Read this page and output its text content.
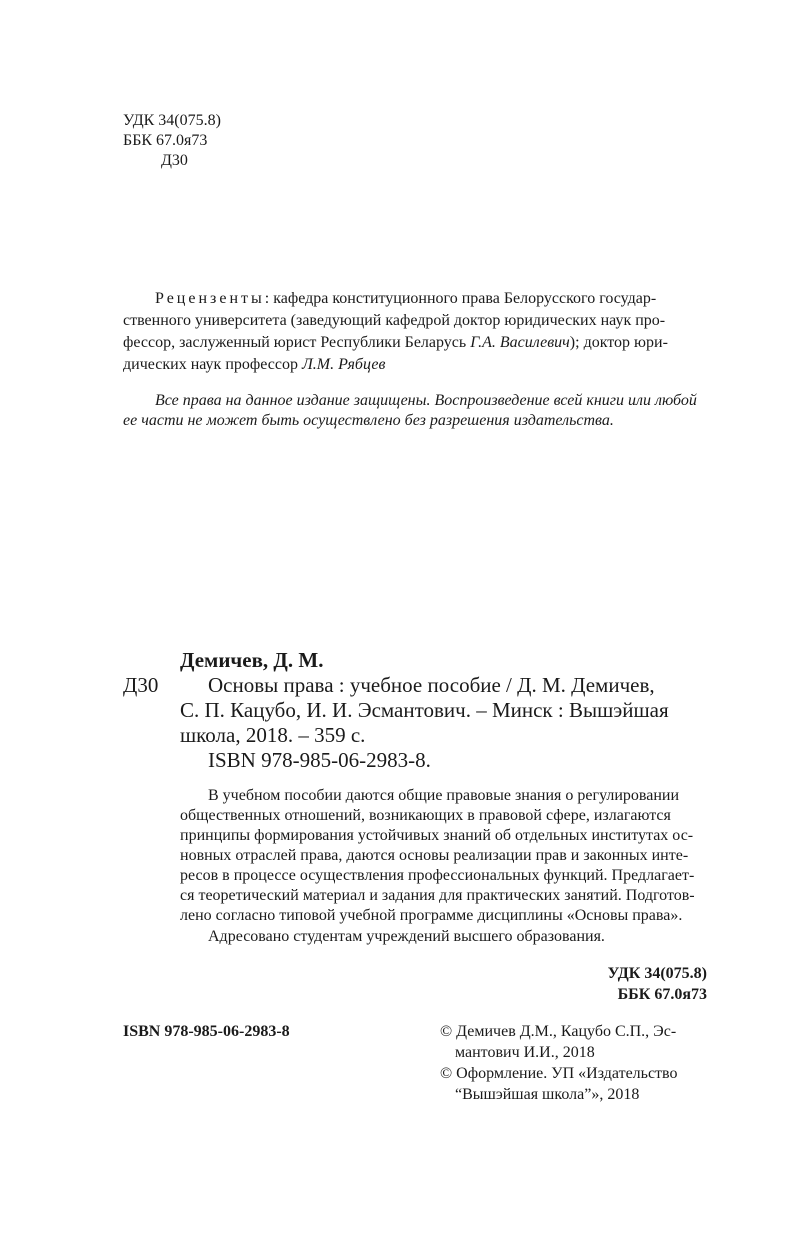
УДК 34(075.8)
ББК 67.0я73
Д30
Рецензенты: кафедра конституционного права Белорусского государ-
ственного университета (заведующий кафедрой доктор юридических наук про-
фессор, заслуженный юрист Республики Беларусь Г.А. Василевич); доктор юри-
дических наук профессор Л.М. Рябцев
Все права на данное издание защищены. Воспроизведение всей книги или любой
ее части не может быть осуществлено без разрешения издательства.
Демичев, Д. М.
Д30 Основы права : учебное пособие / Д. М. Демичев,
С. П. Кацубо, И. И. Эсмантович. – Минск : Вышэйшая
школа, 2018. – 359 с.
ISBN 978-985-06-2983-8.
В учебном пособии даются общие правовые знания о регулировании
общественных отношений, возникающих в правовой сфере, излагаются
принципы формирования устойчивых знаний об отдельных институтах ос-
новных отраслей права, даются основы реализации прав и законных инте-
ресов в процессе осуществления профессиональных функций. Предлагает-
ся теоретический материал и задания для практических занятий. Подготов-
лено согласно типовой учебной программе дисциплины «Основы права».
Адресовано студентам учреждений высшего образования.
УДК 34(075.8)
ББК 67.0я73
ISBN 978-985-06-2983-8	© Демичев Д.М., Кацубо С.П., Эс-
мантович И.И., 2018
© Оформление. УП «Издательство
“Вышэйшая школа”», 2018
